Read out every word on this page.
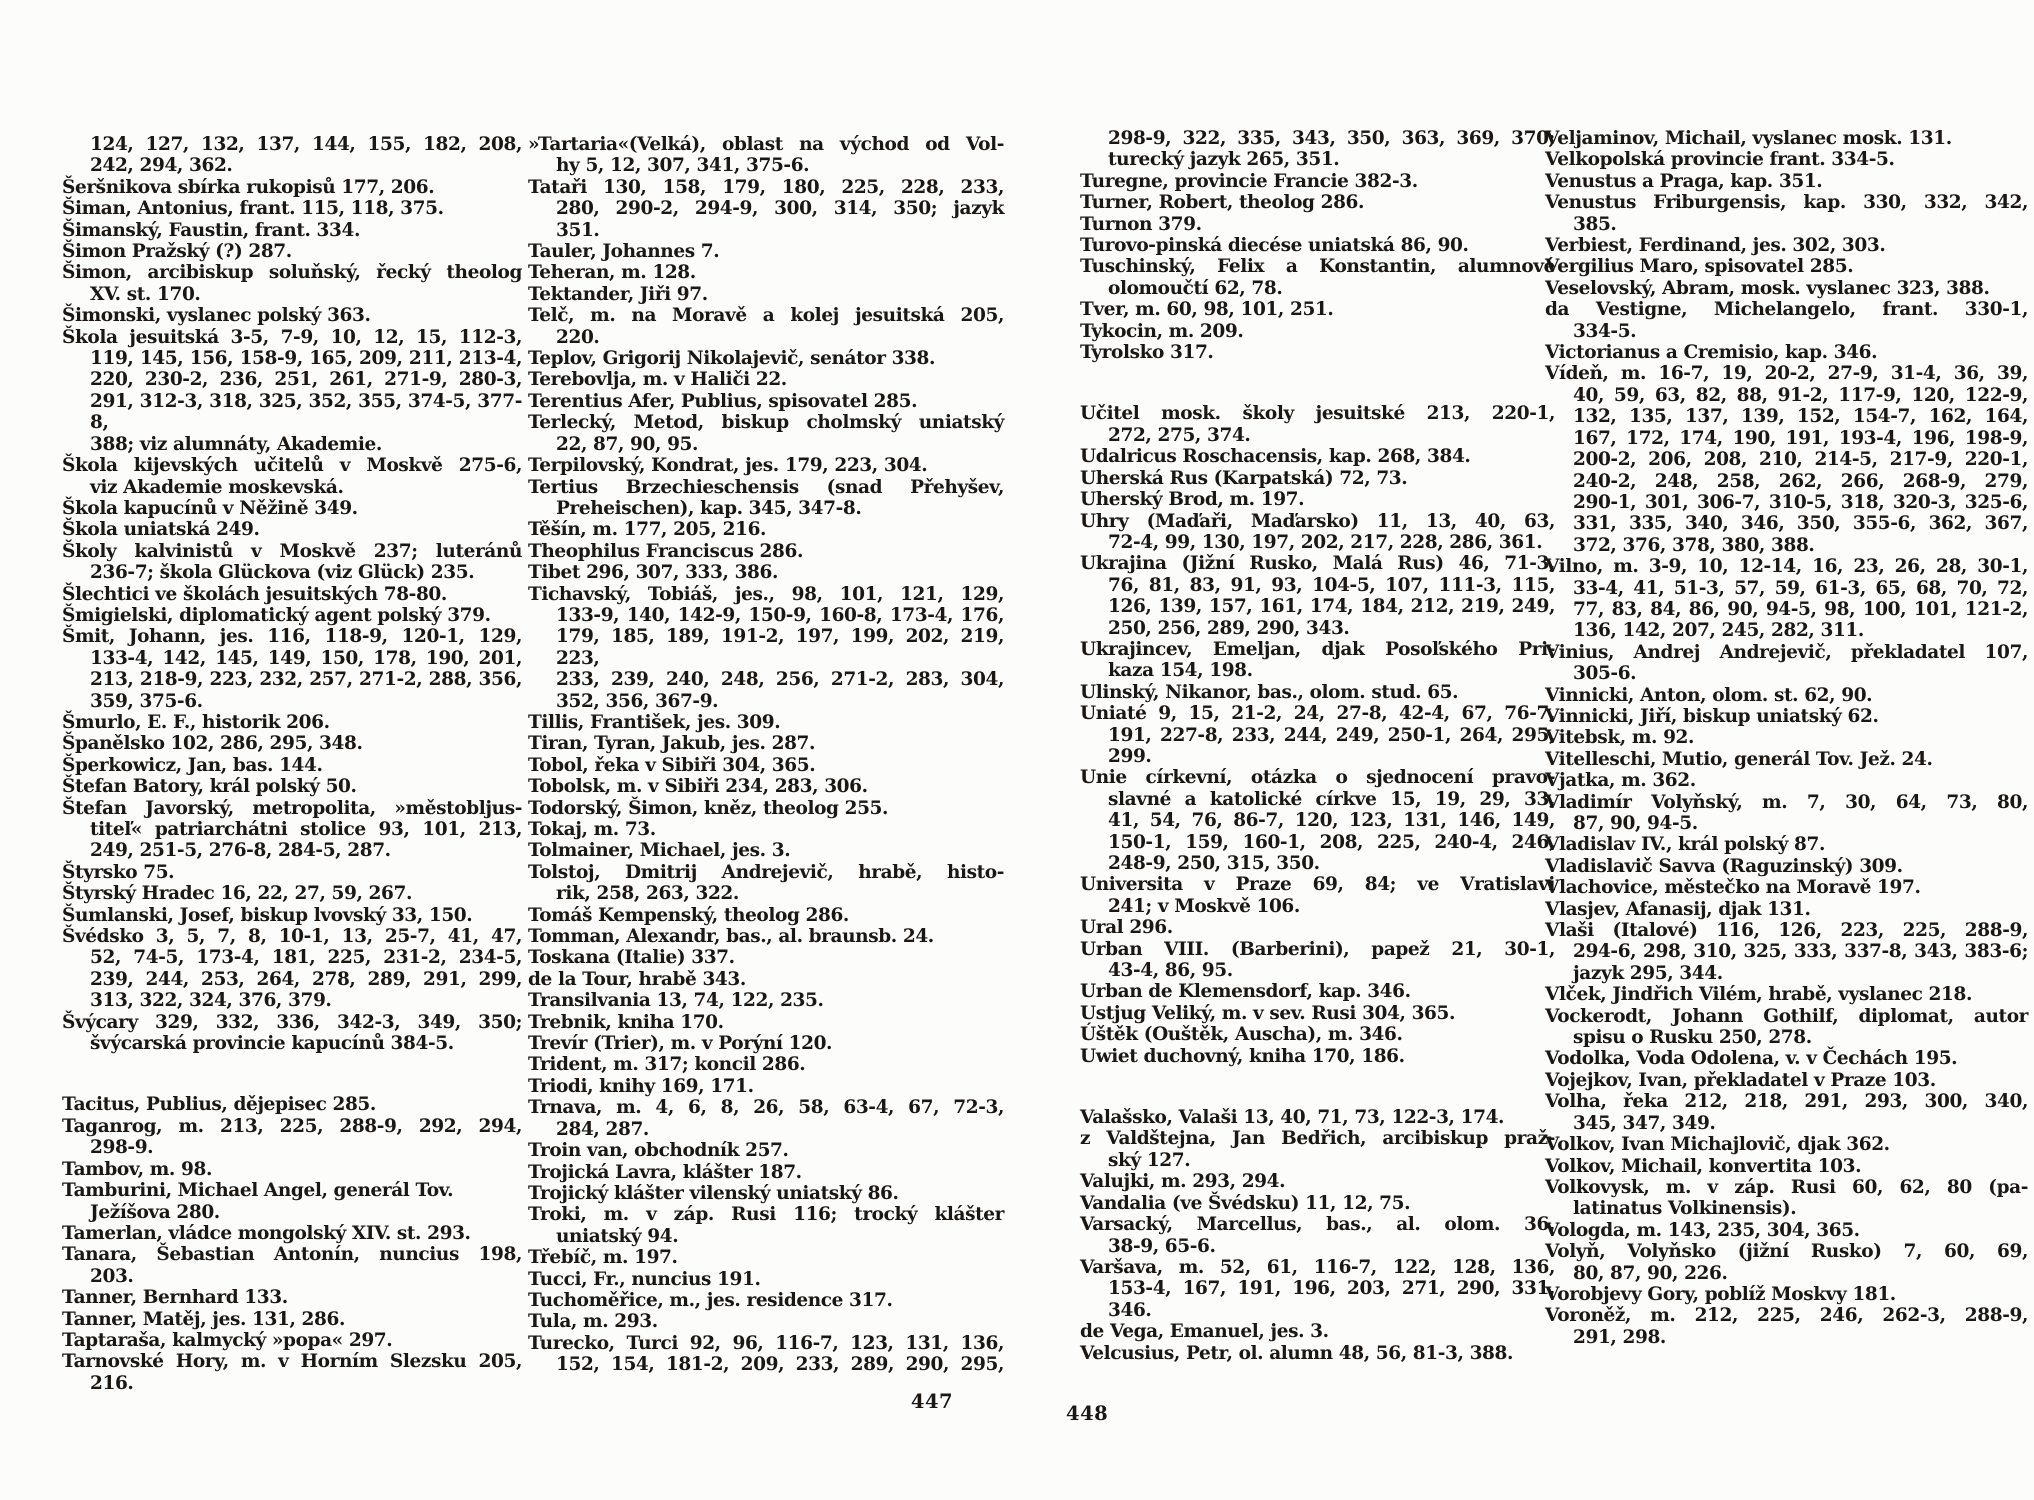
124, 127, 132, 137, 144, 155, 182, 208,
242, 294, 362.
Šeršnikova sbírka rukopisů 177, 206.
Šiman, Antonius, frant. 115, 118, 375.
Šimanský, Faustin, frant. 334.
Šimon Pražský (?) 287.
Šimon, arcibiskup soluňský, řecký theolog
XV. st. 170.
Šimonski, vyslanec polský 363.
Škola jesuitská 3-5, 7-9, 10, 12, 15, 112-3,
119, 145, 156, 158-9, 165, 209, 211, 213-4,
220, 230-2, 236, 251, 261, 271-9, 280-3,
291, 312-3, 318, 325, 352, 355, 374-5, 377-8,
388; viz alumnáty, Akademie.
Škola kijevských učitelů v Moskvě 275-6,
viz Akademie moskevská.
Škola kapucínů v Něžině 349.
Škola uniatská 249.
Školy kalvinistů v Moskvě 237; luteránů
236-7; škola Glückova (viz Glück) 235.
Šlechtici ve školách jesuitských 78-80.
Šmigielski, diplomatický agent polský 379.
Šmit, Johann, jes. 116, 118-9, 120-1, 129,
133-4, 142, 145, 149, 150, 178, 190, 201,
213, 218-9, 223, 232, 257, 271-2, 288, 356,
359, 375-6.
Šmurlo, E. F., historik 206.
Španělsko 102, 286, 295, 348.
Šperkowicz, Jan, bas. 144.
Štefan Batory, král polský 50.
Štefan Javorský, metropolita, »městobljus-
titeľ« patriarchátni stolice 93, 101, 213,
249, 251-5, 276-8, 284-5, 287.
Štyrsko 75.
Štyrský Hradec 16, 22, 27, 59, 267.
Šumlanski, Josef, biskup lvovský 33, 150.
Švédsko 3, 5, 7, 8, 10-1, 13, 25-7, 41, 47,
52, 74-5, 173-4, 181, 225, 231-2, 234-5,
239, 244, 253, 264, 278, 289, 291, 299,
313, 322, 324, 376, 379.
Švýcary 329, 332, 336, 342-3, 349, 350;
švýcarská provincie kapucínů 384-5.
Tacitus, Publius, dějepisec 285.
Taganrog, m. 213, 225, 288-9, 292, 294,
298-9.
Tambov, m. 98.
Tamburini, Michael Angel, generál Tov.
Ježíšova 280.
Tamerlan, vládce mongolský XIV. st. 293.
Tanara, Šebastian Antonín, nuncius 198,
203.
Tanner, Bernhard 133.
Tanner, Matěj, jes. 131, 286.
Taptaraša, kalmycký »popa« 297.
Tarnovské Hory, m. v Horním Slezsku 205,
216.
»Tartaria«(Velká), oblast na východ od Vol-
hy 5, 12, 307, 341, 375-6.
Tataři 130, 158, 179, 180, 225, 228, 233,
280, 290-2, 294-9, 300, 314, 350; jazyk
351.
Tauler, Johannes 7.
Teheran, m. 128.
Tektander, Jiři 97.
Telč, m. na Moravě a kolej jesuitská 205,
220.
Teplov, Grigorij Nikolajevič, senátor 338.
Terebovlja, m. v Haliči 22.
Terentius Afer, Publius, spisovatel 285.
Terlecký, Metod, biskup cholmský uniatský
22, 87, 90, 95.
Terpilovský, Kondrat, jes. 179, 223, 304.
Tertius Brzechieschensis (snad Přehyšev,
Preheischen), kap. 345, 347-8.
Těšín, m. 177, 205, 216.
Theophilus Franciscus 286.
Tibet 296, 307, 333, 386.
Tichavský, Tobiáš, jes., 98, 101, 121, 129,
133-9, 140, 142-9, 150-9, 160-8, 173-4, 176,
179, 185, 189, 191-2, 197, 199, 202, 219, 223,
233, 239, 240, 248, 256, 271-2, 283, 304,
352, 356, 367-9.
Tillis, František, jes. 309.
Tiran, Tyran, Jakub, jes. 287.
Tobol, řeka v Sibiři 304, 365.
Tobolsk, m. v Sibiři 234, 283, 306.
Todorský, Šimon, kněz, theolog 255.
Tokaj, m. 73.
Tolmainer, Michael, jes. 3.
Tolstoj, Dmitrij Andrejevič, hrabě, histo-
rik, 258, 263, 322.
Tomáš Kempenský, theolog 286.
Tomman, Alexandr, bas., al. braunsb. 24.
Toskana (Italie) 337.
de la Tour, hrabě 343.
Transilvania 13, 74, 122, 235.
Trebnik, kniha 170.
Trevír (Trier), m. v Porýní 120.
Trident, m. 317; koncil 286.
Triodi, knihy 169, 171.
Trnava, m. 4, 6, 8, 26, 58, 63-4, 67, 72-3,
284, 287.
Troin van, obchodník 257.
Trojická Lavra, klášter 187.
Trojický klášter vilenský uniatský 86.
Troki, m. v záp. Rusi 116; trocký klášter
uniatský 94.
Třebíč, m. 197.
Tucci, Fr., nuncius 191.
Tuchoměřice, m., jes. residence 317.
Tula, m. 293.
Turecko, Turci 92, 96, 116-7, 123, 131, 136,
152, 154, 181-2, 209, 233, 289, 290, 295,
447
298-9, 322, 335, 343, 350, 363, 369, 370;
turecký jazyk 265, 351.
Turegne, provincie Francie 382-3.
Turner, Robert, theolog 286.
Turnon 379.
Turovo-pinská diecése uniatská 86, 90.
Tuschinský, Felix a Konstantin, alumnové
olomoučtí 62, 78.
Tver, m. 60, 98, 101, 251.
Tykocin, m. 209.
Tyrolsko 317.
Učitel mosk. školy jesuitské 213, 220-1,
272, 275, 374.
Udalricus Roschacensis, kap. 268, 384.
Uherská Rus (Karpatská) 72, 73.
Uherský Brod, m. 197.
Uhry (Maďaři, Maďarsko) 11, 13, 40, 63,
72-4, 99, 130, 197, 202, 217, 228, 286, 361.
Ukrajina (Jižní Rusko, Malá Rus) 46, 71-3,
76, 81, 83, 91, 93, 104-5, 107, 111-3, 115,
126, 139, 157, 161, 174, 184, 212, 219, 249,
250, 256, 289, 290, 343.
Ukrajincev, Emeljan, djak Posoľského Pri-
kaza 154, 198.
Ulinský, Nikanor, bas., olom. stud. 65.
Uniaté 9, 15, 21-2, 24, 27-8, 42-4, 67, 76-7,
191, 227-8, 233, 244, 249, 250-1, 264, 295,
299.
Unie církevní, otázka o sjednocení pravo-
slavné a katolické církve 15, 19, 29, 33,
41, 54, 76, 86-7, 120, 123, 131, 146, 149,
150-1, 159, 160-1, 208, 225, 240-4, 246,
248-9, 250, 315, 350.
Universita v Praze 69, 84; ve Vratislavi
241; v Moskvě 106.
Ural 296.
Urban VIII. (Barberini), papež 21, 30-1,
43-4, 86, 95.
Urban de Klemensdorf, kap. 346.
Ustjug Veliký, m. v sev. Rusi 304, 365.
Úštěk (Ouštěk, Auscha), m. 346.
Uwiet duchovný, kniha 170, 186.
Valašsko, Valaši 13, 40, 71, 73, 122-3, 174.
z Valdštejna, Jan Bedřich, arcibiskup praž-
ský 127.
Valujki, m. 293, 294.
Vandalia (ve Švédsku) 11, 12, 75.
Varsacký, Marcellus, bas., al. olom. 36,
38-9, 65-6.
Varšava, m. 52, 61, 116-7, 122, 128, 136,
153-4, 167, 191, 196, 203, 271, 290, 331,
346.
de Vega, Emanuel, jes. 3.
Velcusius, Petr, ol. alumn 48, 56, 81-3, 388.
Veljaminov, Michail, vyslanec mosk. 131.
Velkopolská provincie frant. 334-5.
Venustus a Praga, kap. 351.
Venustus Friburgensis, kap. 330, 332, 342,
385.
Verbiest, Ferdinand, jes. 302, 303.
Vergilius Maro, spisovatel 285.
Veselovský, Abram, mosk. vyslanec 323, 388.
da Vestigne, Michelangelo, frant. 330-1,
334-5.
Victorianus a Cremisio, kap. 346.
Vídeň, m. 16-7, 19, 20-2, 27-9, 31-4, 36, 39,
40, 59, 63, 82, 88, 91-2, 117-9, 120, 122-9,
132, 135, 137, 139, 152, 154-7, 162, 164,
167, 172, 174, 190, 191, 193-4, 196, 198-9,
200-2, 206, 208, 210, 214-5, 217-9, 220-1,
240-2, 248, 258, 262, 266, 268-9, 279,
290-1, 301, 306-7, 310-5, 318, 320-3, 325-6,
331, 335, 340, 346, 350, 355-6, 362, 367,
372, 376, 378, 380, 388.
Vilno, m. 3-9, 10, 12-14, 16, 23, 26, 28, 30-1,
33-4, 41, 51-3, 57, 59, 61-3, 65, 68, 70, 72,
77, 83, 84, 86, 90, 94-5, 98, 100, 101, 121-2,
136, 142, 207, 245, 282, 311.
Vinius, Andrej Andrejevič, překladatel 107,
305-6.
Vinnicki, Anton, olom. st. 62, 90.
Vinnicki, Jiří, biskup uniatský 62.
Vitebsk, m. 92.
Vitelleschi, Mutio, generál Tov. Jež. 24.
Vjatka, m. 362.
Vladimír Volyňský, m. 7, 30, 64, 73, 80,
87, 90, 94-5.
Vladislav IV., král polský 87.
Vladislavič Savva (Raguzinský) 309.
Vlachovice, městečko na Moravě 197.
Vlasjev, Afanasij, djak 131.
Vlaši (Italové) 116, 126, 223, 225, 288-9,
294-6, 298, 310, 325, 333, 337-8, 343, 383-6;
jazyk 295, 344.
Vlček, Jindřich Vilém, hrabě, vyslanec 218.
Vockerodt, Johann Gothilf, diplomat, autor
spisu o Rusku 250, 278.
Vodolka, Voda Odolena, v. v Čechách 195.
Vojejkov, Ivan, překladatel v Praze 103.
Volha, řeka 212, 218, 291, 293, 300, 340,
345, 347, 349.
Volkov, Ivan Michajlovič, djak 362.
Volkov, Michail, konvertita 103.
Volkovysk, m. v záp. Rusi 60, 62, 80 (pa-
latinatus Volkinensis).
Vologda, m. 143, 235, 304, 365.
Volyň, Volyňsko (jižní Rusko) 7, 60, 69,
80, 87, 90, 226.
Vorobjevy Gory, poblíž Moskvy 181.
Voroněž, m. 212, 225, 246, 262-3, 288-9,
291, 298.
448
